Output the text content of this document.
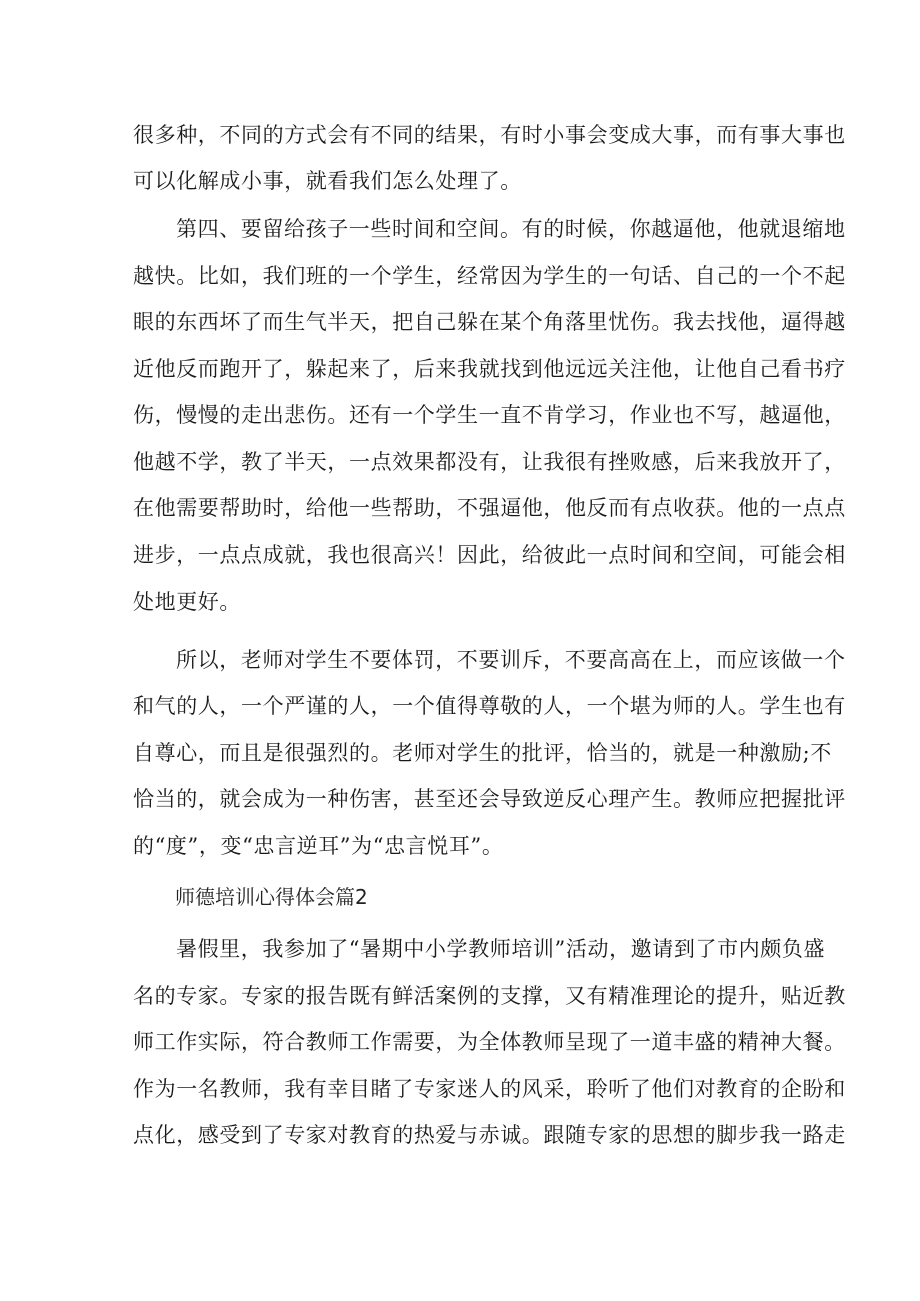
很多种，不同的方式会有不同的结果，有时小事会变成大事，而有事大事也
可以化解成小事，就看我们怎么处理了。
第四、要留给孩子一些时间和空间。有的时候，你越逼他，他就退缩地
越快。比如，我们班的一个学生，经常因为学生的一句话、自己的一个不起
眼的东西坏了而生气半天，把自己躲在某个角落里忧伤。我去找他，逼得越
近他反而跑开了，躲起来了，后来我就找到他远远关注他，让他自己看书疗
伤，慢慢的走出悲伤。还有一个学生一直不肯学习，作业也不写，越逼他，
他越不学，教了半天，一点效果都没有，让我很有挫败感，后来我放开了，
在他需要帮助时，给他一些帮助，不强逼他，他反而有点收获。他的一点点
进步，一点点成就，我也很高兴！因此，给彼此一点时间和空间，可能会相
处地更好。
所以，老师对学生不要体罚，不要训斥，不要高高在上，而应该做一个
和气的人，一个严谨的人，一个值得尊敬的人，一个堪为师的人。学生也有
自尊心，而且是很强烈的。老师对学生的批评，恰当的，就是一种激励;不
恰当的，就会成为一种伤害，甚至还会导致逆反心理产生。教师应把握批评
的“度”，变“忠言逆耳”为“忠言悦耳”。
师德培训心得体会篇2
暑假里，我参加了“暑期中小学教师培训”活动，邀请到了市内颇负盛
名的专家。专家的报告既有鲜活案例的支撑，又有精准理论的提升，贴近教
师工作实际，符合教师工作需要，为全体教师呈现了一道丰盛的精神大餐。
作为一名教师，我有幸目睹了专家迷人的风采，聆听了他们对教育的企盼和
点化，感受到了专家对教育的热爱与赤诚。跟随专家的思想的脚步我一路走
